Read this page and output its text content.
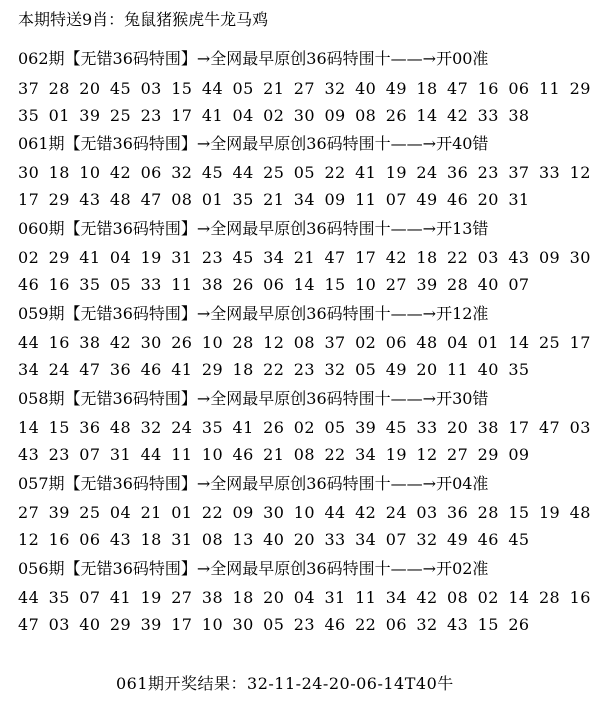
本期特送9肖：兔鼠猪猴虎牛龙马鸡
062期【无错36码特围】→全网最早原创36码特围十——→开00准
37 28 20 45 03 15 44 05 21 27 32 40 49 18 47 16 06 11 29
35 01 39 25 23 17 41 04 02 30 09 08 26 14 42 33 38
061期【无错36码特围】→全网最早原创36码特围十——→开40错
30 18 10 42 06 32 45 44 25 05 22 41 19 24 36 23 37 33 12
17 29 43 48 47 08 01 35 21 34 09 11 07 49 46 20 31
060期【无错36码特围】→全网最早原创36码特围十——→开13错
02 29 41 04 19 31 23 45 34 21 47 17 42 18 22 03 43 09 30
46 16 35 05 33 11 38 26 06 14 15 10 27 39 28 40 07
059期【无错36码特围】→全网最早原创36码特围十——→开12准
44 16 38 42 30 26 10 28 12 08 37 02 06 48 04 01 14 25 17
34 24 47 36 46 41 29 18 22 23 32 05 49 20 11 40 35
058期【无错36码特围】→全网最早原创36码特围十——→开30错
14 15 36 48 32 24 35 41 26 02 05 39 45 33 20 38 17 47 03
43 23 07 31 44 11 10 46 21 08 22 34 19 12 27 29 09
057期【无错36码特围】→全网最早原创36码特围十——→开04准
27 39 25 04 21 01 22 09 30 10 44 42 24 03 36 28 15 19 48
12 16 06 43 18 31 08 13 40 20 33 34 07 32 49 46 45
056期【无错36码特围】→全网最早原创36码特围十——→开02准
44 35 07 41 19 27 38 18 20 04 31 11 34 42 08 02 14 28 16
47 03 40 29 39 17 10 30 05 23 46 22 06 32 43 15 26
061期开奖结果：32-11-24-20-06-14T40牛
